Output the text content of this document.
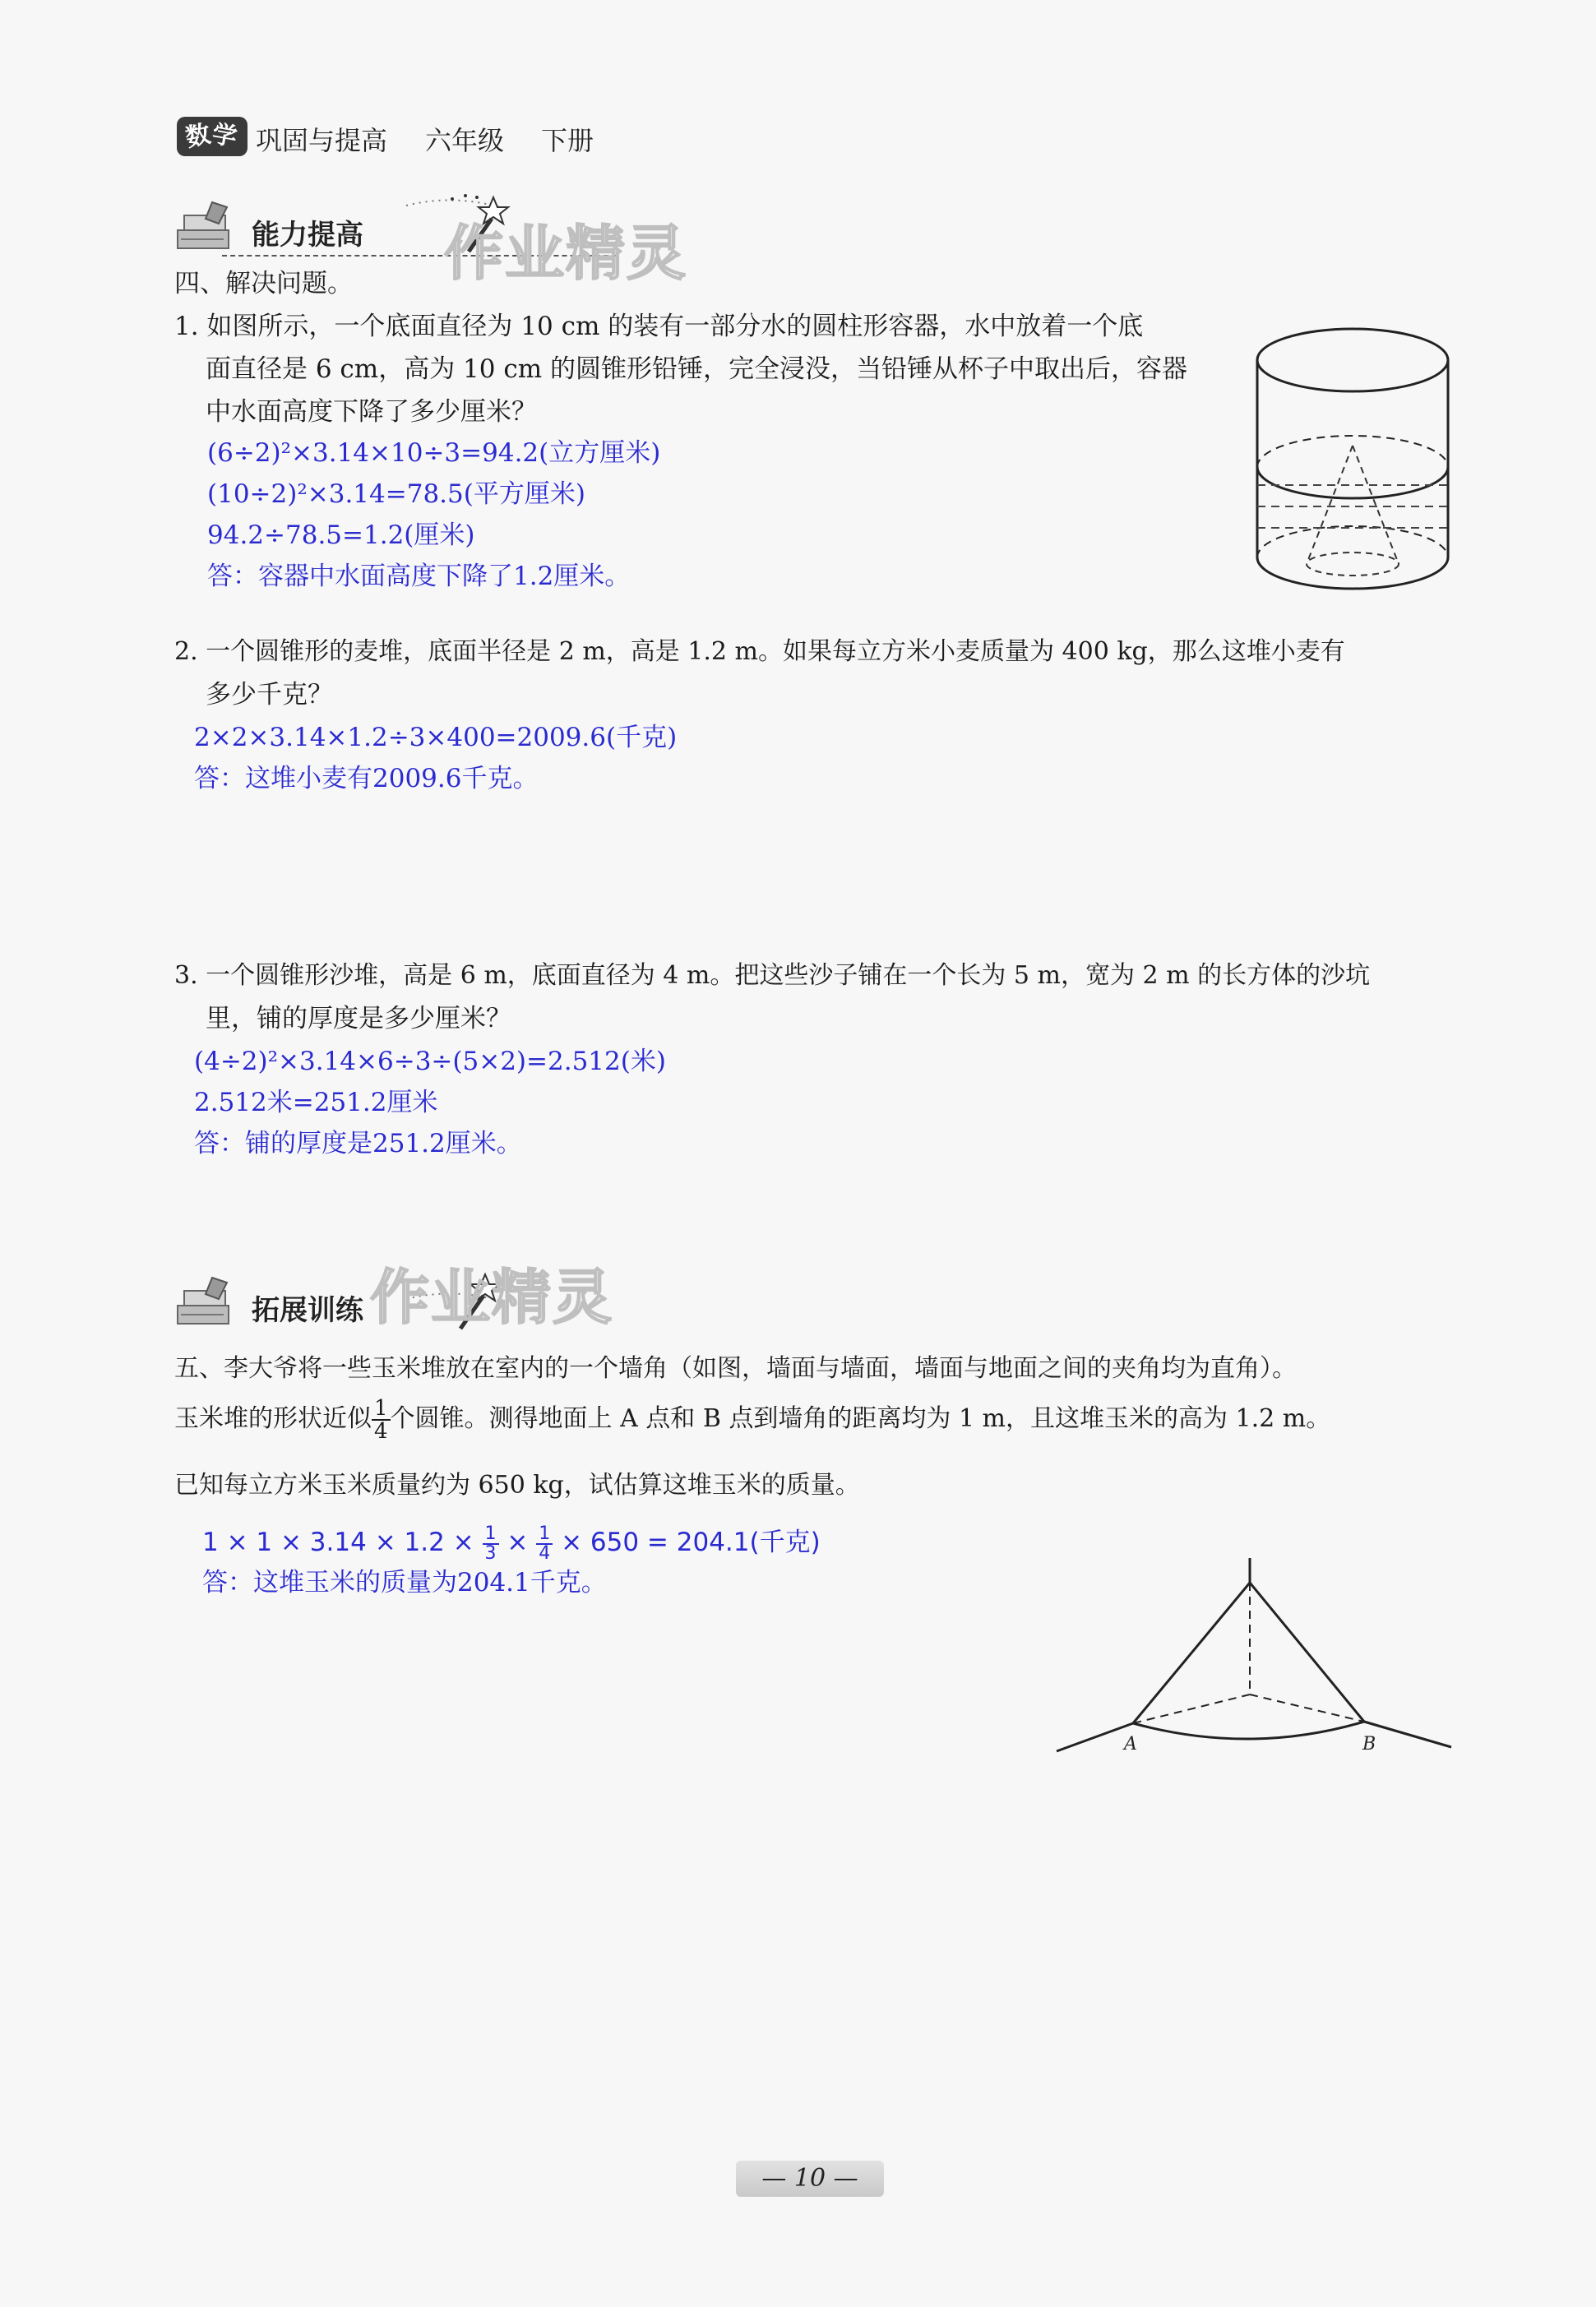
数学 巩固与提高 六年级 下册
能力提高 作业精灵
四、解决问题。
1. 如图所示，一个底面直径为 10 cm 的装有一部分水的圆柱形容器，水中放着一个底
面直径是 6 cm，高为 10 cm 的圆锥形铅锤，完全浸没，当铅锤从杯子中取出后，容器
中水面高度下降了多少厘米？
(6÷2)²×3.14×10÷3=94.2(立方厘米)
(10÷2)²×3.14=78.5(平方厘米)
94.2÷78.5=1.2(厘米)
答：容器中水面高度下降了1.2厘米。
2. 一个圆锥形的麦堆，底面半径是 2 m，高是 1.2 m。如果每立方米小麦质量为 400 kg，那么这堆小麦有
多少千克？
2×2×3.14×1.2÷3×400=2009.6(千克)
答：这堆小麦有2009.6千克。
3. 一个圆锥形沙堆，高是 6 m，底面直径为 4 m。把这些沙子铺在一个长为 5 m，宽为 2 m 的长方体的沙坑
里，铺的厚度是多少厘米？
(4÷2)²×3.14×6÷3÷(5×2)=2.512(米)
2.512米=251.2厘米
答：铺的厚度是251.2厘米。
拓展训练 作业精灵
五、李大爷将一些玉米堆放在室内的一个墙角（如图，墙面与墙面，墙面与地面之间的夹角均为直角）。
玉米堆的形状近似 $\frac{1}{4}$ 个圆锥。测得地面上 A 点和 B 点到墙角的距离均为 1 m，且这堆玉米的高为 1.2 m。
已知每立方米玉米质量约为 650 kg，试估算这堆玉米的质量。
$1 \times 1 \times 3.14 \times 1.2 \times \frac{1}{3} \times \frac{1}{4} \times 650 = 204.1$(千克)
答：这堆玉米的质量为204.1千克。
A	B
— 10 —
